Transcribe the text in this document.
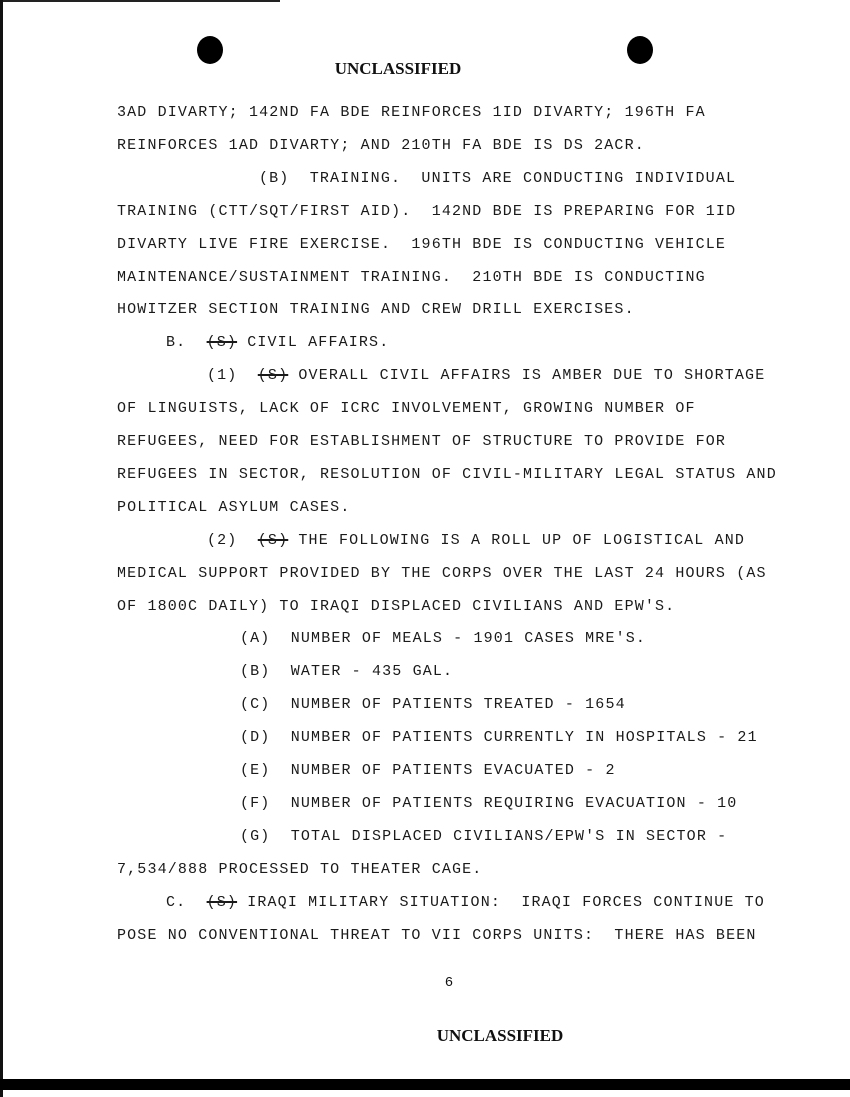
UNCLASSIFIED
3AD DIVARTY; 142ND FA BDE REINFORCES 1ID DIVARTY; 196TH FA
REINFORCES 1AD DIVARTY; AND 210TH FA BDE IS DS 2ACR.
(B)  TRAINING.  UNITS ARE CONDUCTING INDIVIDUAL
TRAINING (CTT/SQT/FIRST AID).  142ND BDE IS PREPARING FOR 1ID
DIVARTY LIVE FIRE EXERCISE.  196TH BDE IS CONDUCTING VEHICLE
MAINTENANCE/SUSTAINMENT TRAINING.  210TH BDE IS CONDUCTING
HOWITZER SECTION TRAINING AND CREW DRILL EXERCISES.
B.  (S) CIVIL AFFAIRS.
(1)  (S) OVERALL CIVIL AFFAIRS IS AMBER DUE TO SHORTAGE
OF LINGUISTS, LACK OF ICRC INVOLVEMENT, GROWING NUMBER OF
REFUGEES, NEED FOR ESTABLISHMENT OF STRUCTURE TO PROVIDE FOR
REFUGEES IN SECTOR, RESOLUTION OF CIVIL-MILITARY LEGAL STATUS AND
POLITICAL ASYLUM CASES.
(2)  (S) THE FOLLOWING IS A ROLL UP OF LOGISTICAL AND
MEDICAL SUPPORT PROVIDED BY THE CORPS OVER THE LAST 24 HOURS (AS
OF 1800C DAILY) TO IRAQI DISPLACED CIVILIANS AND EPW'S.
(A)  NUMBER OF MEALS - 1901 CASES MRE'S.
(B)  WATER - 435 GAL.
(C)  NUMBER OF PATIENTS TREATED - 1654
(D)  NUMBER OF PATIENTS CURRENTLY IN HOSPITALS - 21
(E)  NUMBER OF PATIENTS EVACUATED - 2
(F)  NUMBER OF PATIENTS REQUIRING EVACUATION - 10
(G)  TOTAL DISPLACED CIVILIANS/EPW'S IN SECTOR -
7,534/888 PROCESSED TO THEATER CAGE.
C.  (S) IRAQI MILITARY SITUATION:  IRAQI FORCES CONTINUE TO
POSE NO CONVENTIONAL THREAT TO VII CORPS UNITS:  THERE HAS BEEN
6
UNCLASSIFIED
